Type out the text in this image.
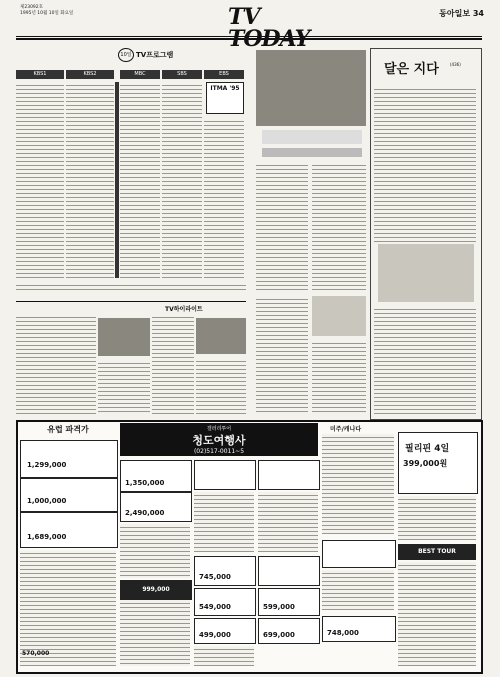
제23092호
1995년 10월 10일 화요일	TV	동아일보 34
10일 TV프로그램
KBS1	KBS2	MBC	SBS	EBS
ITMA '95
TV하이라이트
달은 지다	(436)
유럽 파격가	갤러리투어
청도여행사
(02)517-0011~5
미주/캐나다
1,299,000
1,000,000
1,689,000
570,000
1,350,000
2,490,000
999,000
745,000
549,000
499,000
599,000
699,000	748,000
필리핀 4일
399,000원
BEST TOUR
